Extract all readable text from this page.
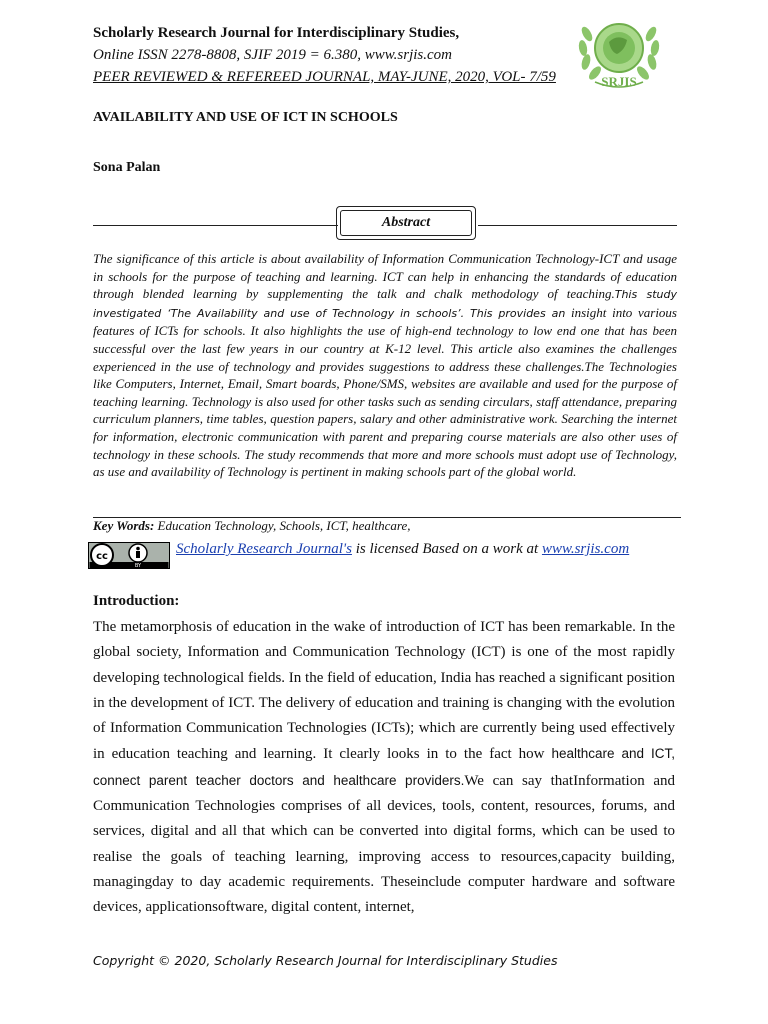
Scholarly Research Journal for Interdisciplinary Studies,
Online ISSN 2278-8808, SJIF 2019 = 6.380, www.srjis.com
PEER REVIEWED & REFEREED JOURNAL, MAY-JUNE, 2020, VOL- 7/59	SRJIS
AVAILABILITY AND USE OF ICT IN SCHOOLS
Sona Palan
Abstract
The significance of this article is about availability of Information Communication Technology-ICT and usage in schools for the purpose of teaching and learning. ICT can help in enhancing the standards of education through blended learning by supplementing the talk and chalk methodology of teaching.This study investigated ‘The Availability and use of Technology in schools’. This provides an insight into various features of ICTs for schools. It also highlights the use of high-end technology to low end one that has been successful over the last few years in our country at K-12 level. This article also examines the challenges experienced in the use of technology and provides suggestions to address these challenges.The Technologies like Computers, Internet, Email, Smart boards, Phone/SMS, websites are available and used for the purpose of teaching learning. Technology is also used for other tasks such as sending circulars, staff attendance, preparing curriculum planners, time tables, question papers, salary and other administrative work. Searching the internet for information, electronic communication with parent and preparing course materials are also other uses of technology in these schools. The study recommends that more and more schools must adopt use of Technology, as use and availability of Technology is pertinent in making schools part of the global world.
Key Words: Education Technology, Schools, ICT, healthcare,
cc
BY
Scholarly Research Journal's is licensed Based on a work at www.srjis.com
Introduction:
The metamorphosis of education in the wake of introduction of ICT has been remarkable. In the global society, Information and Communication Technology (ICT) is one of the most rapidly developing technological fields. In the field of education, India has reached a significant position in the development of ICT. The delivery of education and training is changing with the evolution of Information Communication Technologies (ICTs); which are currently being used effectively in education teaching and learning. It clearly looks in to the fact how healthcare and ICT, connect parent teacher doctors and healthcare providers.We can say thatInformation and Communication Technologies comprises of all devices, tools, content, resources, forums, and services, digital and all that which can be converted into digital forms, which can be used to realise the goals of teaching learning, improving access to resources,capacity building, managingday to day academic requirements. Theseinclude computer hardware and software devices, applicationsoftware, digital content, internet,
Copyright © 2020, Scholarly Research Journal for Interdisciplinary Studies
